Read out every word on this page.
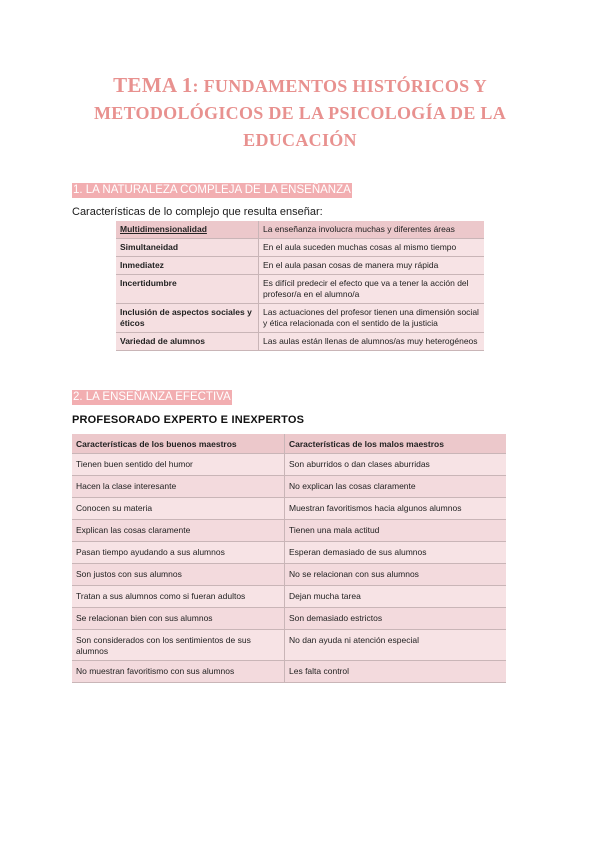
TEMA 1: FUNDAMENTOS HISTÓRICOS Y
METODOLÓGICOS DE LA PSICOLOGÍA DE LA
EDUCACIÓN
1. LA NATURALEZA COMPLEJA DE LA ENSEÑANZA
Características de lo complejo que resulta enseñar:
Multidimensionalidad	La enseñanza involucra muchas y diferentes áreas
Simultaneidad	En el aula suceden muchas cosas al mismo tiempo
Inmediatez	En el aula pasan cosas de manera muy rápida
Incertidumbre	Es difícil predecir el efecto que va a tener la acción del profesor/a en el alumno/a
Inclusión de aspectos sociales y éticos	Las actuaciones del profesor tienen una dimensión social y ética relacionada con el sentido de la justicia
Variedad de alumnos	Las aulas están llenas de alumnos/as muy heterogéneos
2. LA ENSEÑANZA EFECTIVA
PROFESORADO EXPERTO E INEXPERTOS
Características de los buenos maestros	Características de los malos maestros
Tienen buen sentido del humor	Son aburridos o dan clases aburridas
Hacen la clase interesante	No explican las cosas claramente
Conocen su materia	Muestran favoritismos hacia algunos alumnos
Explican las cosas claramente	Tienen una mala actitud
Pasan tiempo ayudando a sus alumnos	Esperan demasiado de sus alumnos
Son justos con sus alumnos	No se relacionan con sus alumnos
Tratan a sus alumnos como si fueran adultos	Dejan mucha tarea
Se relacionan bien con sus alumnos	Son demasiado estrictos
Son considerados con los sentimientos de sus alumnos	No dan ayuda ni atención especial
No muestran favoritismo con sus alumnos	Les falta control
